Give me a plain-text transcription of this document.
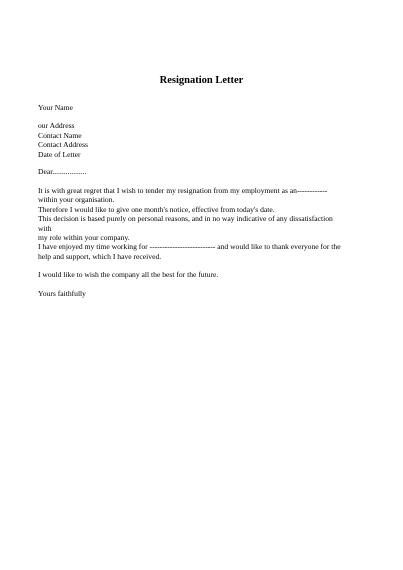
Resignation Letter
Your Name
our Address
Contact Name
Contact Address
Date of Letter
Dear..................
It is with great regret that I wish to tender my resignation from my employment as an------------
within your organisation.
Therefore I would like to give one month's notice, effective from today's date.
This decision is based purely on personal reasons, and in no way indicative of any dissatisfaction
with
my role within your company.
I have enjoyed my time working for -------------------------- and would like to thank everyone for the
help and support, which I have received.
I would like to wish the company all the best for the future.
Yours faithfully
